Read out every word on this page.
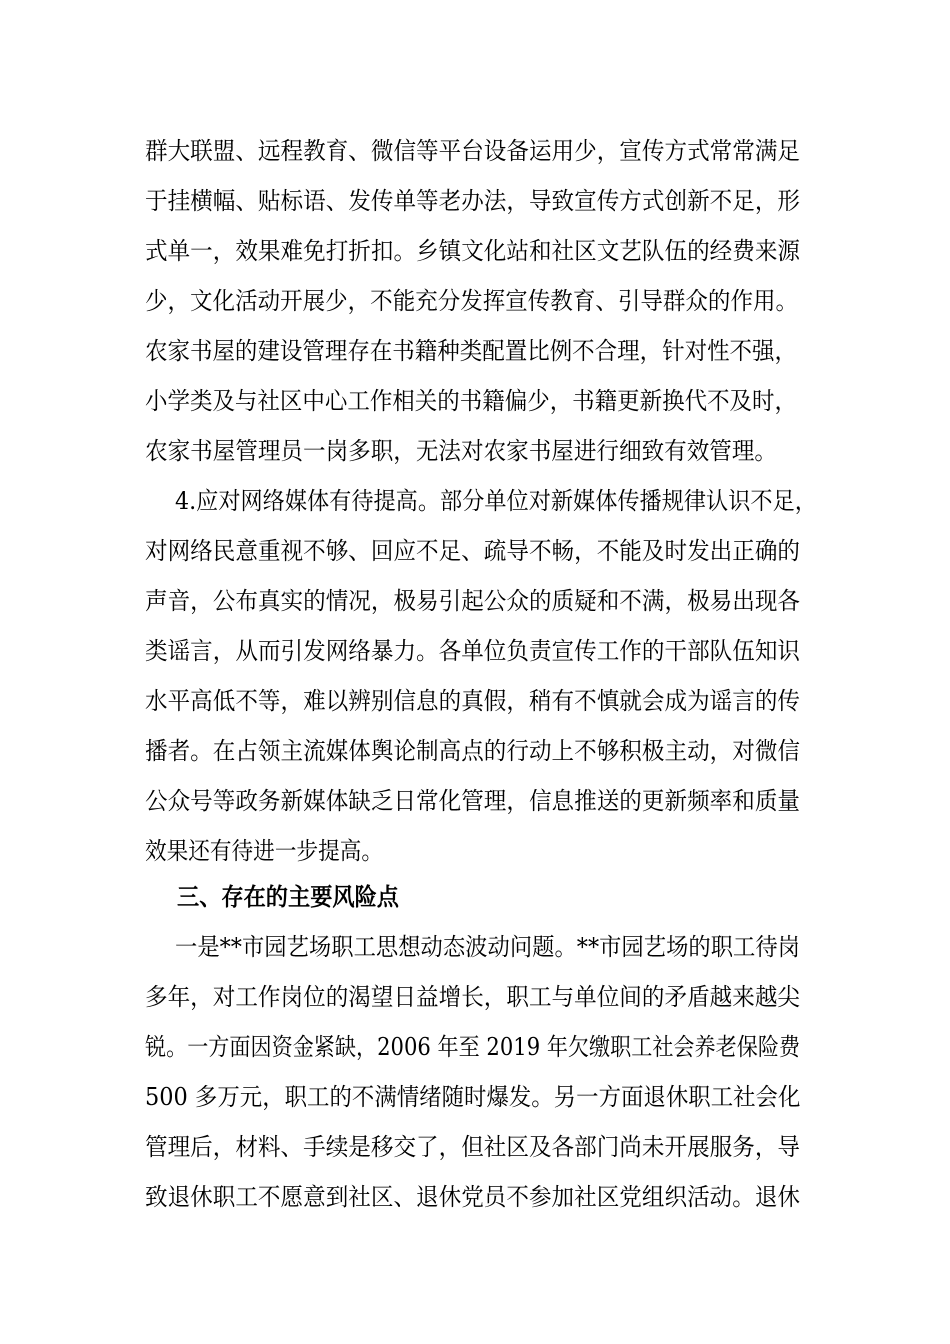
群大联盟、远程教育、微信等平台设备运用少，宣传方式常常满足
于挂横幅、贴标语、发传单等老办法，导致宣传方式创新不足，形
式单一，效果难免打折扣。乡镇文化站和社区文艺队伍的经费来源
少，文化活动开展少，不能充分发挥宣传教育、引导群众的作用。
农家书屋的建设管理存在书籍种类配置比例不合理，针对性不强，
小学类及与社区中心工作相关的书籍偏少，书籍更新换代不及时，
农家书屋管理员一岗多职，无法对农家书屋进行细致有效管理。
4.应对网络媒体有待提高。部分单位对新媒体传播规律认识不足，
对网络民意重视不够、回应不足、疏导不畅，不能及时发出正确的
声音，公布真实的情况，极易引起公众的质疑和不满，极易出现各
类谣言，从而引发网络暴力。各单位负责宣传工作的干部队伍知识
水平高低不等，难以辨别信息的真假，稍有不慎就会成为谣言的传
播者。在占领主流媒体舆论制高点的行动上不够积极主动，对微信
公众号等政务新媒体缺乏日常化管理，信息推送的更新频率和质量
效果还有待进一步提高。
三、存在的主要风险点
一是**市园艺场职工思想动态波动问题。**市园艺场的职工待岗
多年，对工作岗位的渴望日益增长，职工与单位间的矛盾越来越尖
锐。一方面因资金紧缺，2006 年至 2019 年欠缴职工社会养老保险费
500 多万元，职工的不满情绪随时爆发。另一方面退休职工社会化
管理后，材料、手续是移交了，但社区及各部门尚未开展服务，导
致退休职工不愿意到社区、退休党员不参加社区党组织活动。退休
